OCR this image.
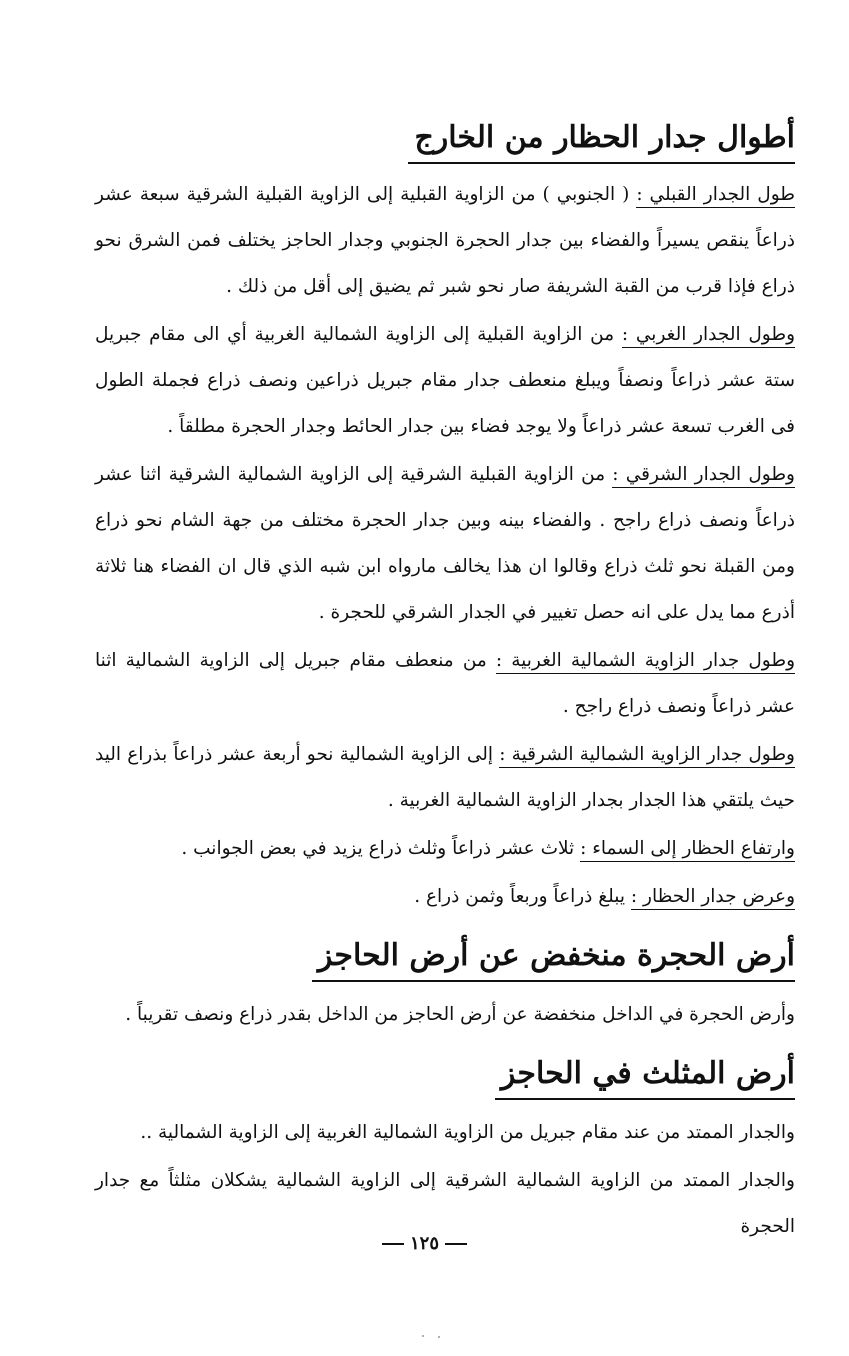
أطوال جدار الحظار من الخارج

طول الجدار القبلي : ( الجنوبي ) من الزاوية القبلية إلى الزاوية القبلية الشرقية سبعة عشر ذراعاً ينقص يسيراً والفضاء بين جدار الحجرة الجنوبي وجدار الحاجز يختلف فمن الشرق نحو ذراع فإذا قرب من القبة الشريفة صار نحو شبر ثم يضيق إلى أقل من ذلك .

وطول الجدار الغربي : من الزاوية القبلية إلى الزاوية الشمالية الغربية أي الى مقام جبريل ستة عشر ذراعاً ونصفاً ويبلغ منعطف جدار مقام جبريل ذراعين ونصف ذراع فجملة الطول فى الغرب تسعة عشر ذراعاً ولا يوجد فضاء بين جدار الحائط وجدار الحجرة مطلقاً .

وطول الجدار الشرقي : من الزاوية القبلية الشرقية إلى الزاوية الشمالية الشرقية اثنا عشر ذراعاً ونصف ذراع راجح . والفضاء بينه وبين جدار الحجرة مختلف من جهة الشام نحو ذراع ومن القبلة نحو ثلث ذراع وقالوا ان هذا يخالف مارواه ابن شبه الذي قال ان الفضاء هنا ثلاثة أذرع مما يدل على انه حصل تغيير في الجدار الشرقي للحجرة .

وطول جدار الزاوية الشمالية الغربية : من منعطف مقام جبريل إلى الزاوية الشمالية اثنا عشر ذراعاً ونصف ذراع راجح .

وطول جدار الزاوية الشمالية الشرقية : إلى الزاوية الشمالية نحو أربعة عشر ذراعاً بذراع اليد حيث يلتقي هذا الجدار بجدار الزاوية الشمالية الغربية .

وارتفاع الحظار إلى السماء : ثلاث عشر ذراعاً وثلث ذراع يزيد في بعض الجوانب .

وعرض جدار الحظار : يبلغ ذراعاً وربعاً وثمن ذراع .

أرض الحجرة منخفض عن أرض الحاجز

وأرض الحجرة في الداخل منخفضة عن أرض الحاجز من الداخل بقدر ذراع ونصف تقريباً .

أرض المثلث في الحاجز

والجدار الممتد من عند مقام جبريل من الزاوية الشمالية الغربية إلى الزاوية الشمالية ..

والجدار الممتد من الزاوية الشمالية الشرقية إلى الزاوية الشمالية يشكلان مثلثاً مع جدار الحجرة

١٢٥
